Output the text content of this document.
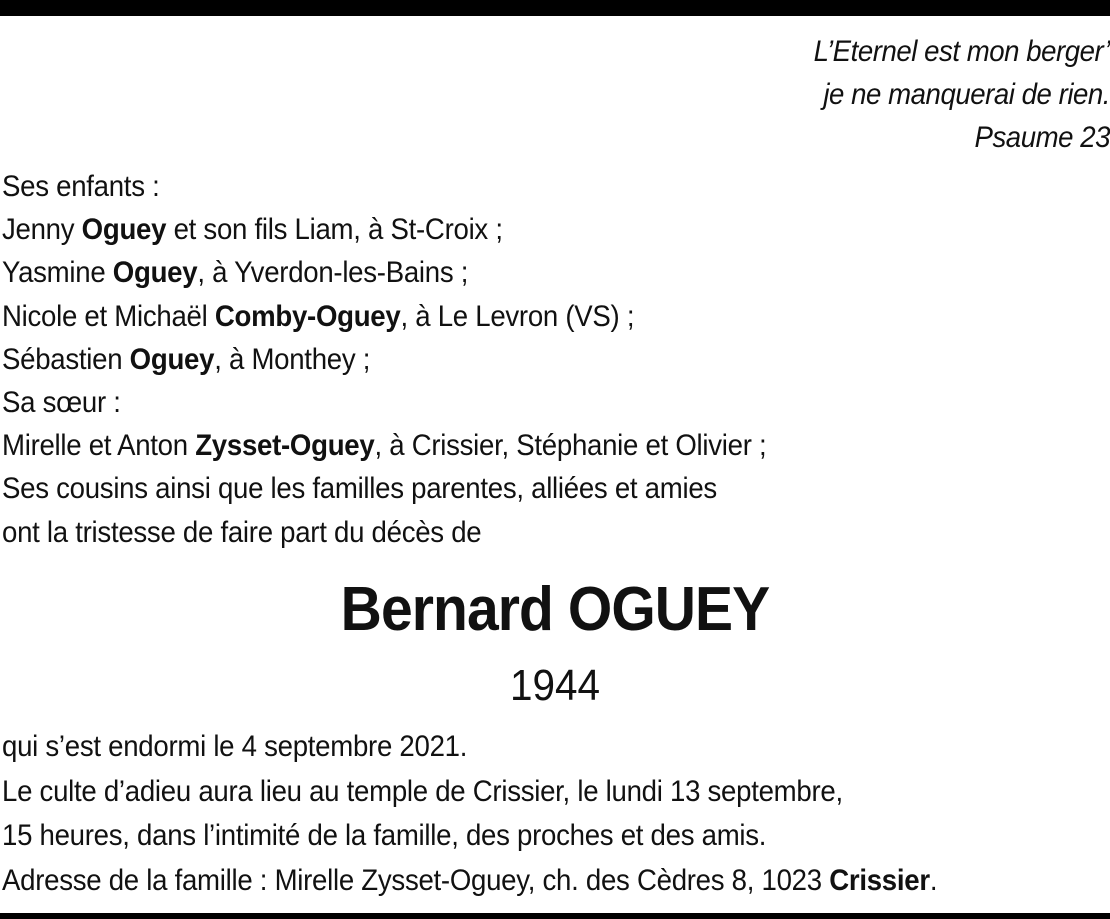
L’Eternel est mon berger’
je ne manquerai de rien.
Psaume 23
Ses enfants :
Jenny Oguey et son fils Liam, à St-Croix ;
Yasmine Oguey, à Yverdon-les-Bains ;
Nicole et Michaël Comby-Oguey, à Le Levron (VS) ;
Sébastien Oguey, à Monthey ;
Sa sœur :
Mirelle et Anton Zysset-Oguey, à Crissier, Stéphanie et Olivier ;
Ses cousins ainsi que les familles parentes, alliées et amies
ont la tristesse de faire part du décès de
Bernard OGUEY
1944
qui s’est endormi le 4 septembre 2021.
Le culte d’adieu aura lieu au temple de Crissier, le lundi 13 septembre,
15 heures, dans l’intimité de la famille, des proches et des amis.
Adresse de la famille : Mirelle Zysset-Oguey, ch. des Cèdres 8, 1023 Crissier.
